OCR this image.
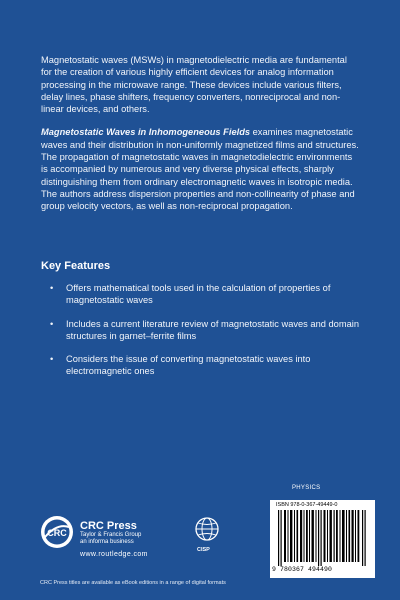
Magnetostatic waves (MSWs) in magnetodielectric media are fundamental for the creation of various highly efficient devices for analog information processing in the microwave range. These devices include various filters, delay lines, phase shifters, frequency converters, nonreciprocal and non-linear devices, and others.

Magnetostatic Waves in Inhomogeneous Fields examines magnetostatic waves and their distribution in non-uniformly magnetized films and structures. The propagation of magnetostatic waves in magnetodielectric environments is accompanied by numerous and very diverse physical effects, sharply distinguishing them from ordinary electromagnetic waves in isotropic media. The authors address dispersion properties and non-collinearity of phase and group velocity vectors, as well as non-reciprocal propagation.

Key Features
• Offers mathematical tools used in the calculation of properties of magnetostatic waves
• Includes a current literature review of magnetostatic waves and domain structures in garnet–ferrite films
• Considers the issue of converting magnetostatic waves into electromagnetic ones
CRC
CRC Press
Taylor & Francis Group
an informa business
www.routledge.com
CISP
PHYSICS
ISBN 978-0-367-49449-0
9 780367 494490
CRC Press titles are available as eBook editions in a range of digital formats
